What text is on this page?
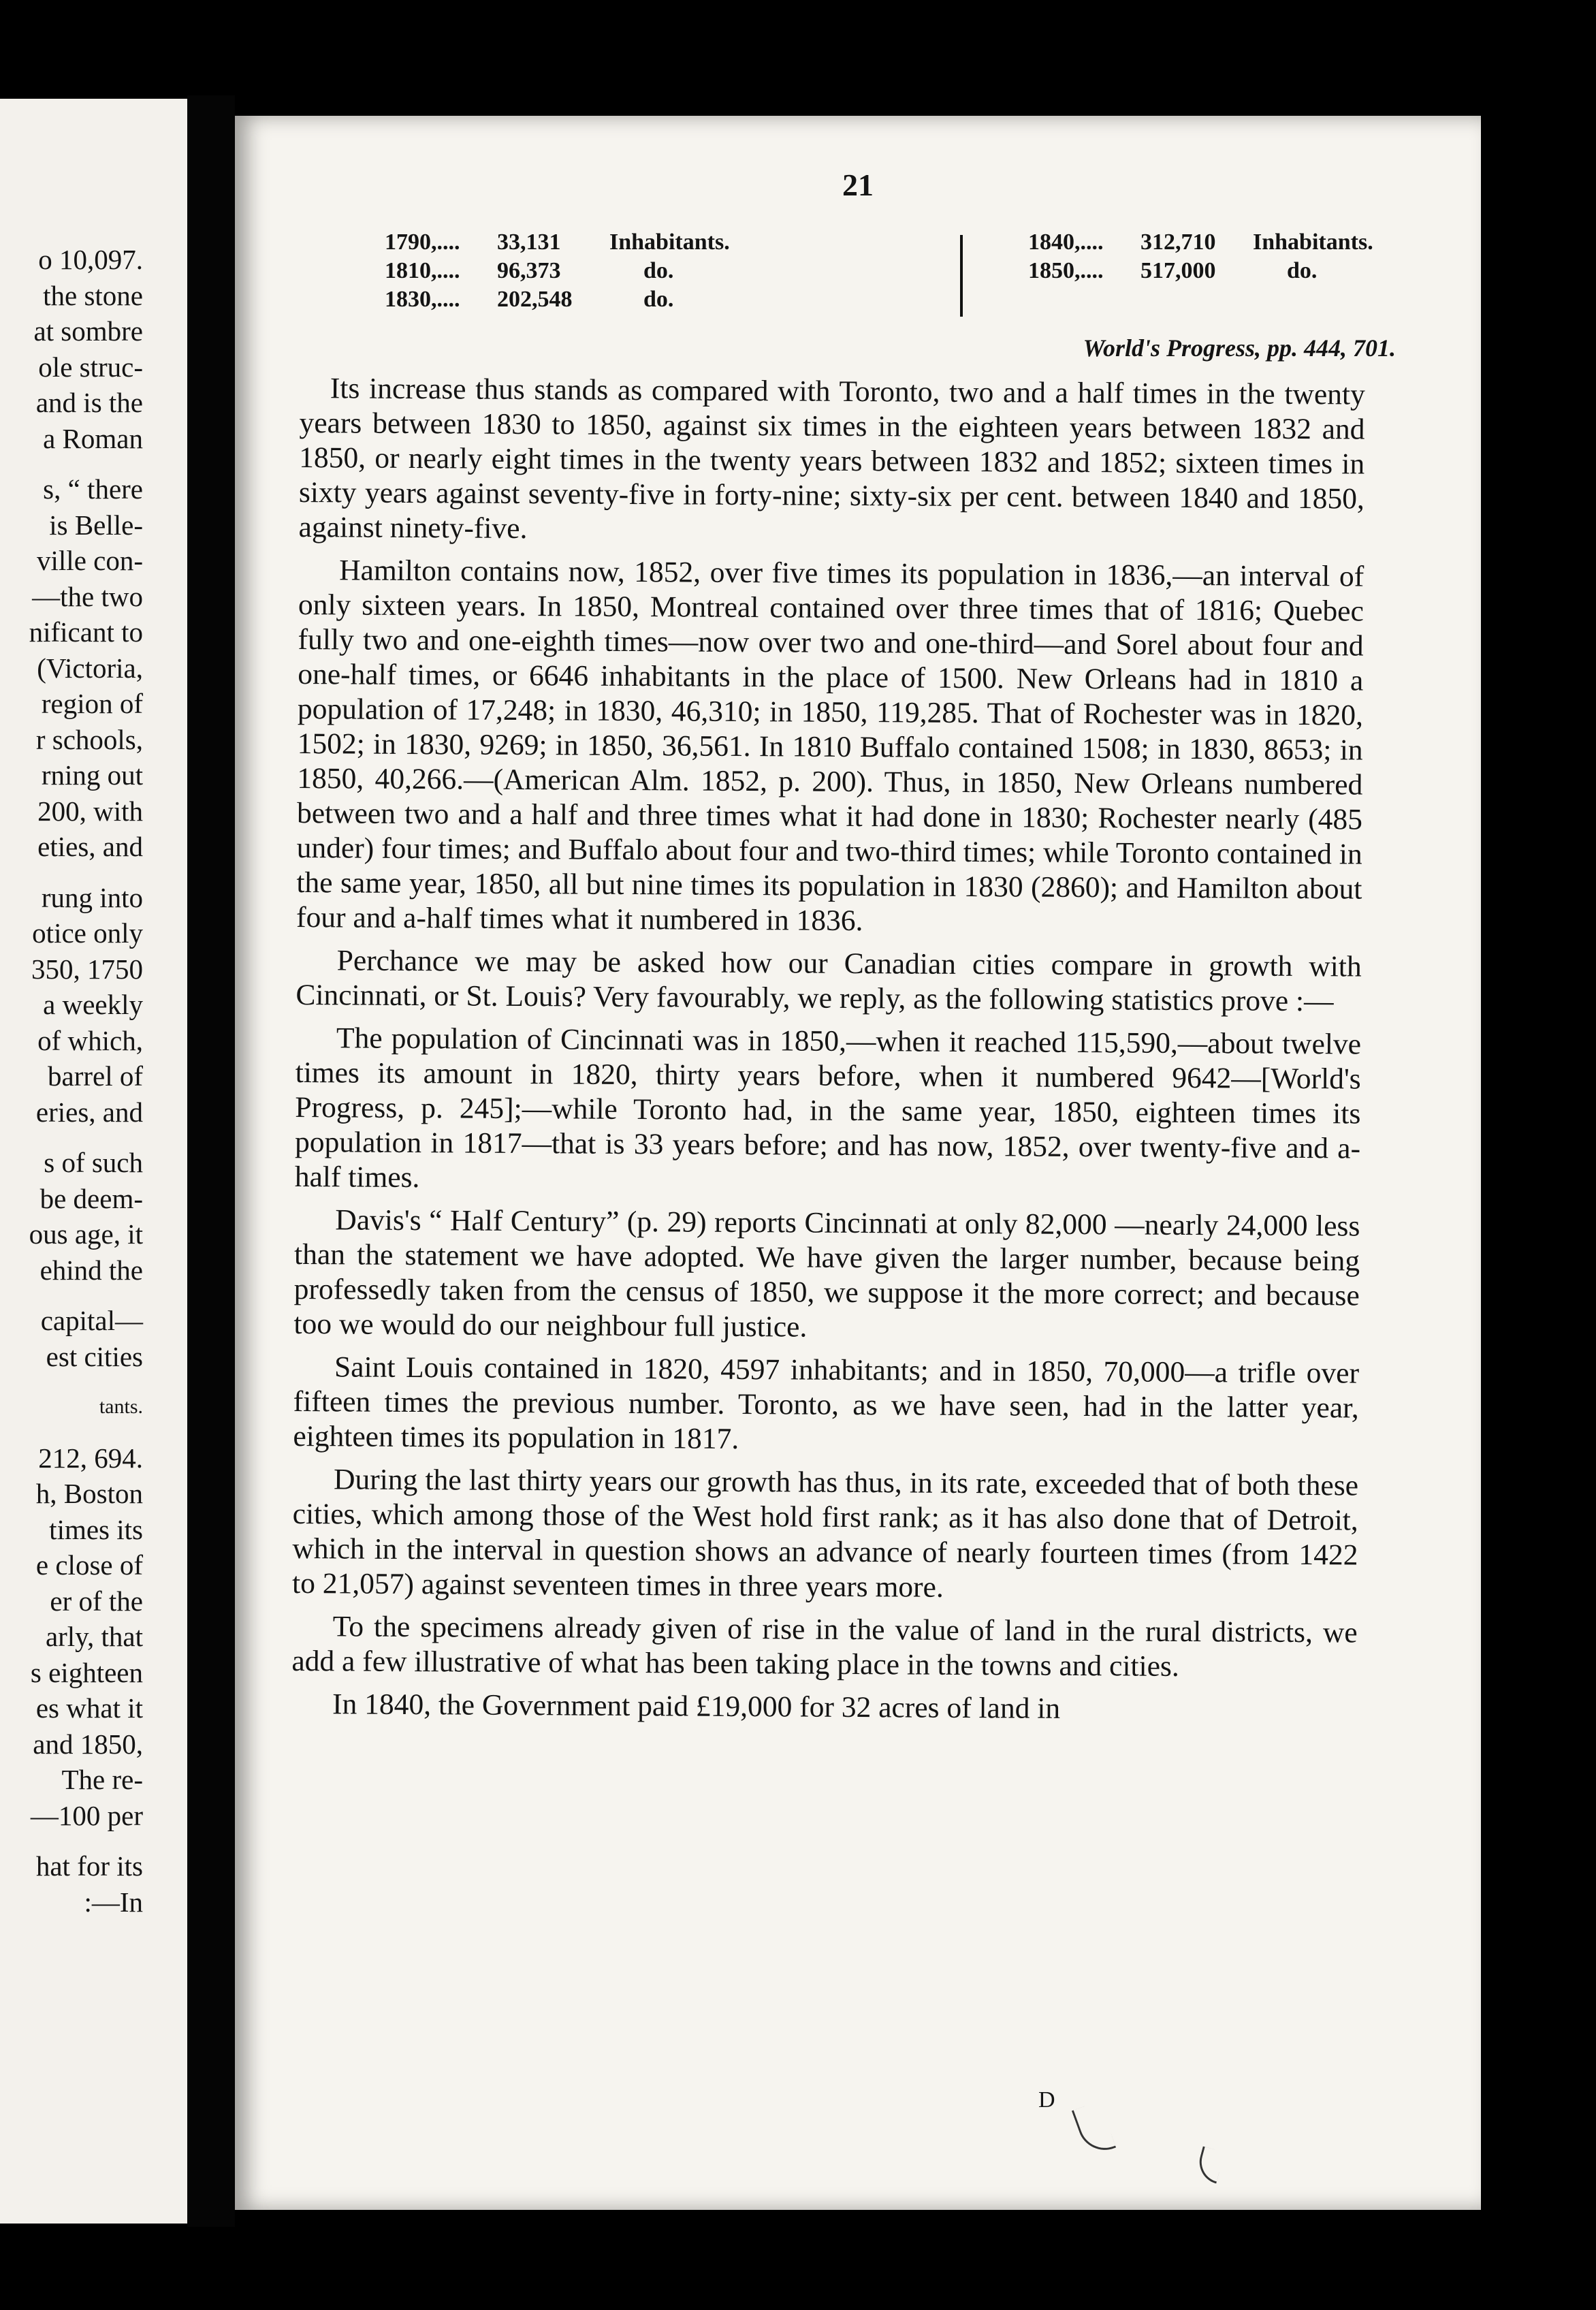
o 10,097.
the stone
at sombre
ole struc-
and is the
a Roman
s, “ there
is Belle-
ville con-
—the two
nificant to
(Victoria,
region of
r schools,
rning out
200, with
eties, and
rung into
otice only
350, 1750
a weekly
of which,
barrel of
eries, and
s of such
be deem-
ous age, it
ehind the
capital—
est cities
tants.
212, 694.
h, Boston
times its
e close of
er of the
arly, that
s eighteen
es what it
and 1850,
The re-
—100 per
hat for its
:—In
21
1790,.... 33,131 Inhabitants.
1810,.... 96,373	do.
1830,.... 202,548	do.
1840,.... 312,710 Inhabitants.
1850,.... 517,000	do.
World's Progress, pp. 444, 701.

Its increase thus stands as compared with Toronto, two and a half times in the twenty years between 1830 to 1850, against six times in the eighteen years between 1832 and 1850, or nearly eight times in the twenty years between 1832 and 1852; sixteen times in sixty years against seventy-five in forty-nine; sixty-six per cent. between 1840 and 1850, against ninety-five.

Hamilton contains now, 1852, over five times its population in 1836,—an interval of only sixteen years. In 1850, Montreal contained over three times that of 1816; Quebec fully two and one-eighth times—now over two and one-third—and Sorel about four and one-half times, or 6646 inhabitants in the place of 1500. New Orleans had in 1810 a population of 17,248; in 1830, 46,310; in 1850, 119,285. That of Rochester was in 1820, 1502; in 1830, 9269; in 1850, 36,561. In 1810 Buffalo contained 1508; in 1830, 8653; in 1850, 40,266.—(American Alm. 1852, p. 200). Thus, in 1850, New Orleans numbered between two and a half and three times what it had done in 1830; Rochester nearly (485 under) four times; and Buffalo about four and two-third times; while Toronto contained in the same year, 1850, all but nine times its population in 1830 (2860); and Hamilton about four and a-half times what it numbered in 1836.

Perchance we may be asked how our Canadian cities compare in growth with Cincinnati, or St. Louis? Very favourably, we reply, as the following statistics prove :—

The population of Cincinnati was in 1850,—when it reached 115,590,—about twelve times its amount in 1820, thirty years before, when it numbered 9642—[World's Progress, p. 245];—while Toronto had, in the same year, 1850, eighteen times its population in 1817—that is 33 years before; and has now, 1852, over twenty-five and a-half times.

Davis's “ Half Century” (p. 29) reports Cincinnati at only 82,000 —nearly 24,000 less than the statement we have adopted. We have given the larger number, because being professedly taken from the census of 1850, we suppose it the more correct; and because too we would do our neighbour full justice.

Saint Louis contained in 1820, 4597 inhabitants; and in 1850, 70,000—a trifle over fifteen times the previous number. Toronto, as we have seen, had in the latter year, eighteen times its population in 1817.

During the last thirty years our growth has thus, in its rate, exceeded that of both these cities, which among those of the West hold first rank; as it has also done that of Detroit, which in the interval in question shows an advance of nearly fourteen times (from 1422 to 21,057) against seventeen times in three years more.

To the specimens already given of rise in the value of land in the rural districts, we add a few illustrative of what has been taking place in the towns and cities.

In 1840, the Government paid £19,000 for 32 acres of land in

D
